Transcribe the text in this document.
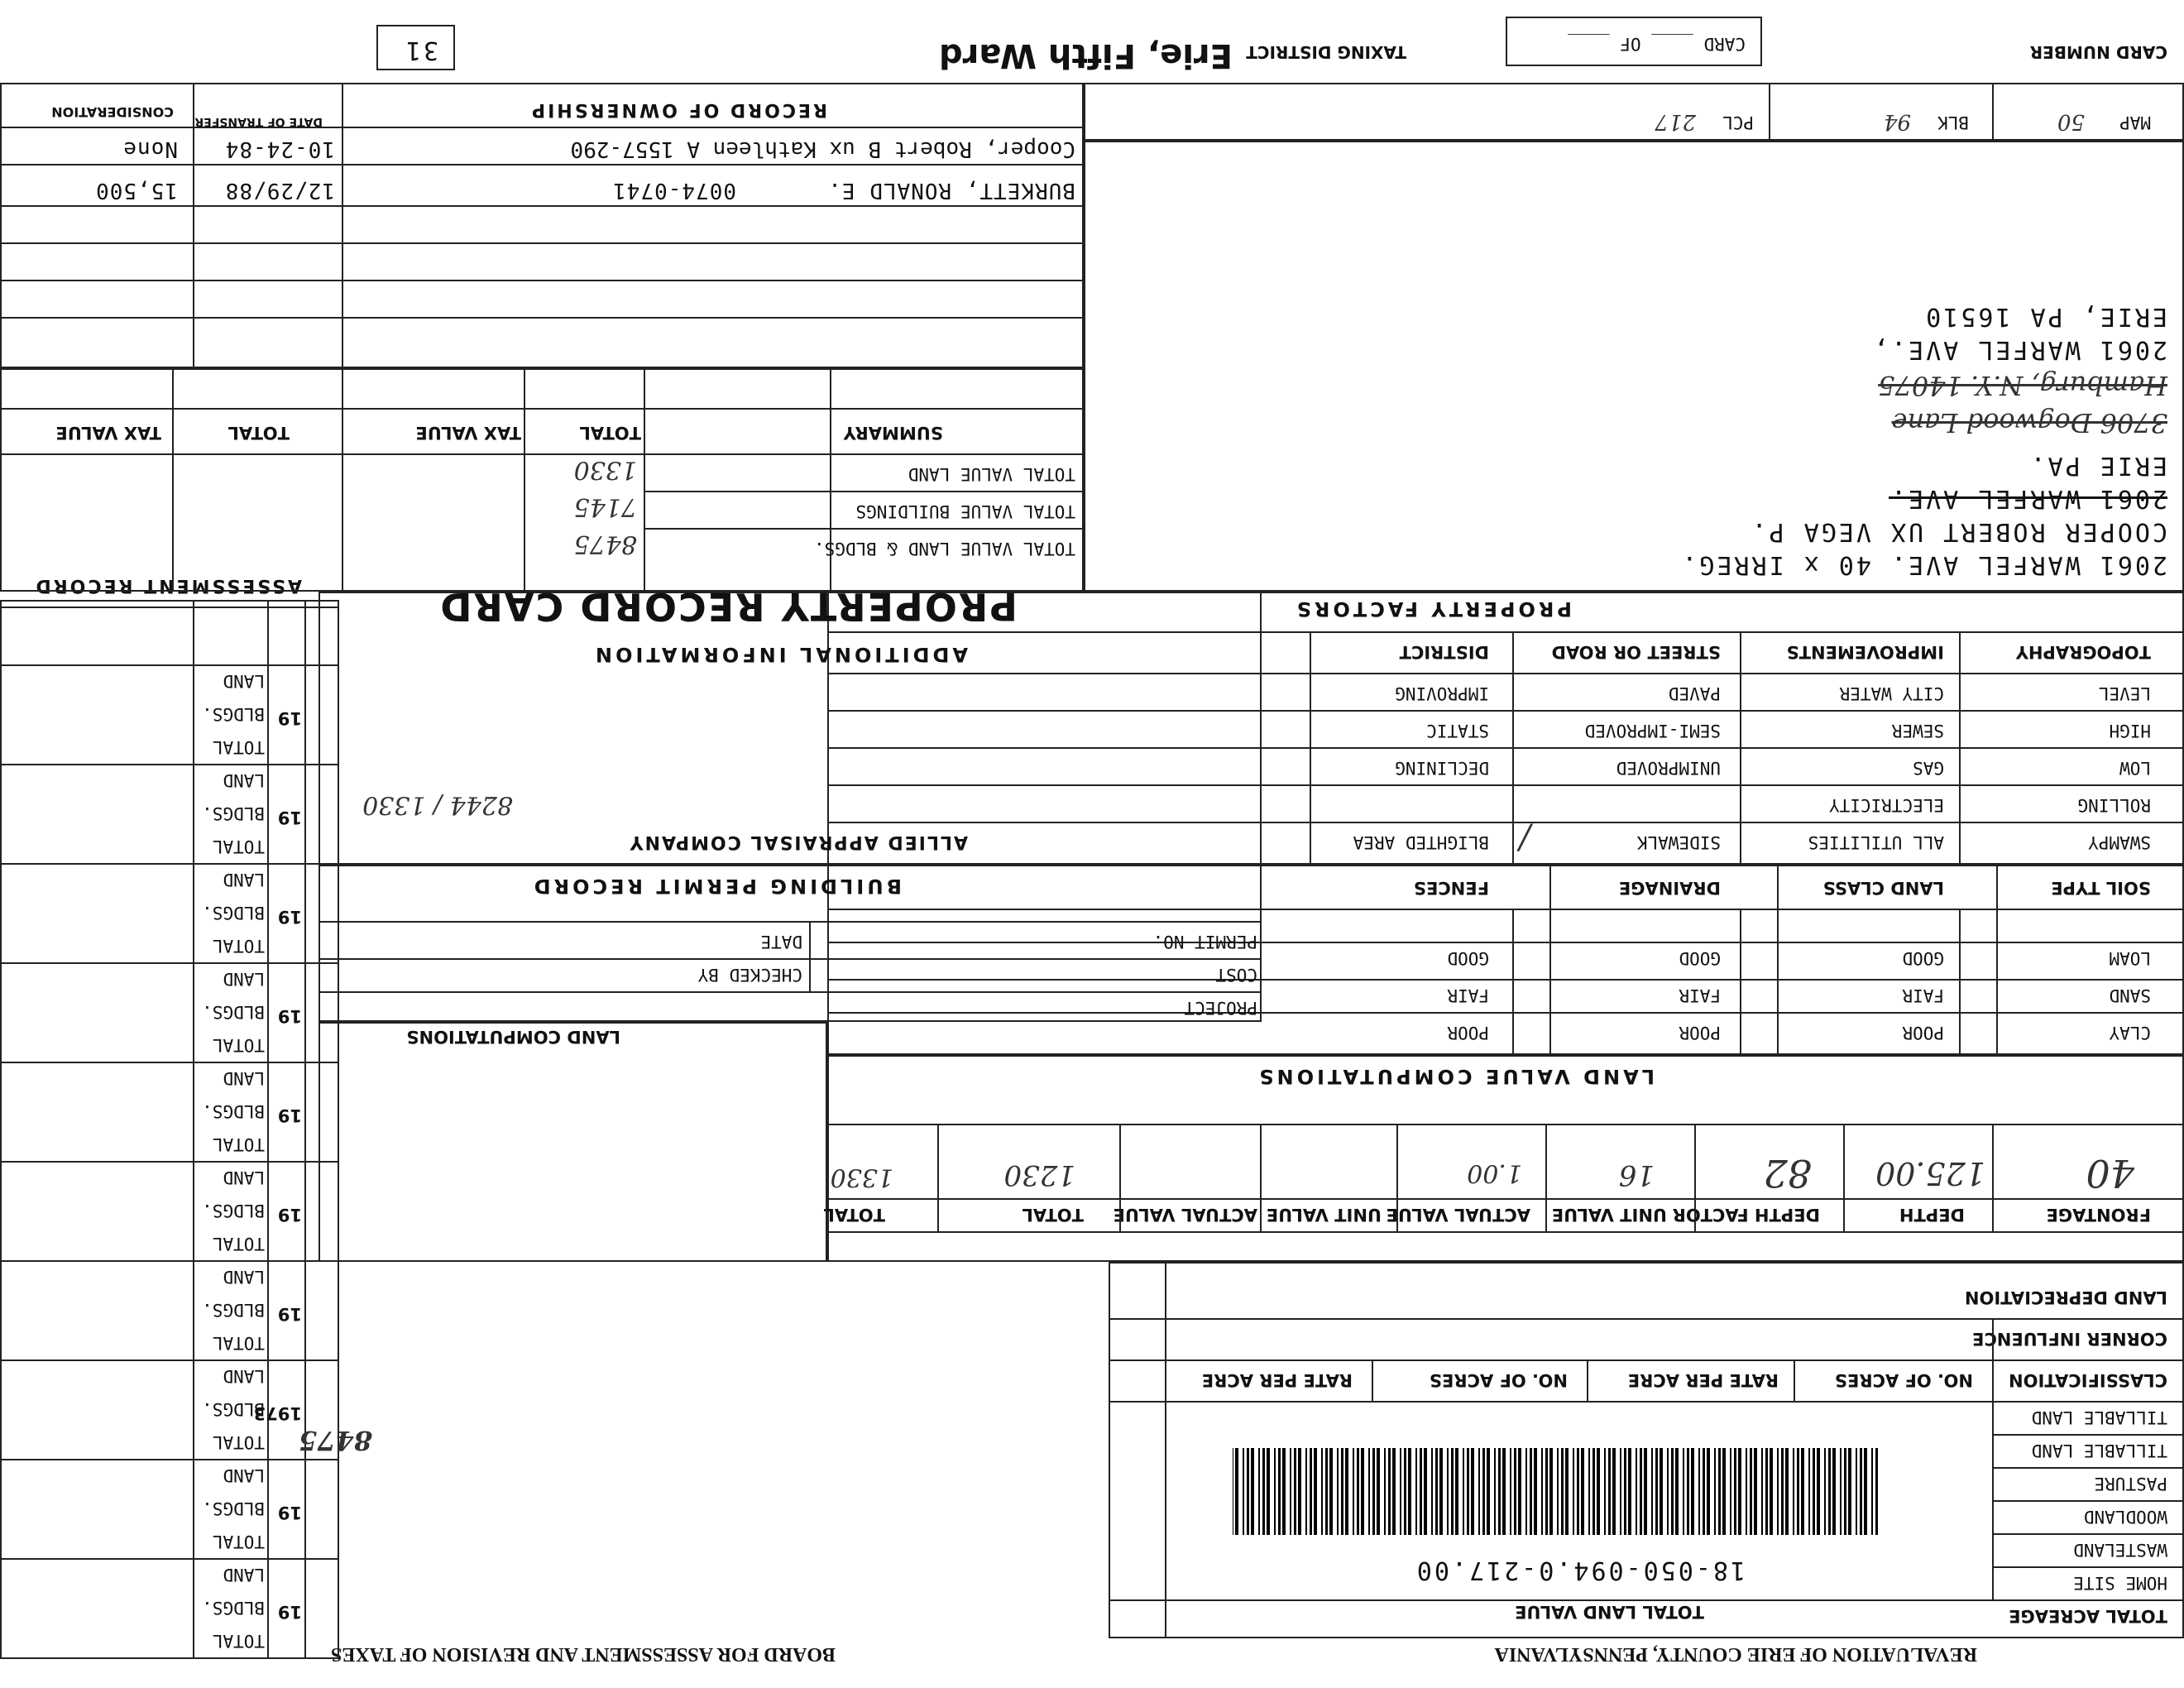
REVALUATION OF ERIE COUNTY, PENNSYLVANIA
BOARD FOR ASSESSMENT AND REVISION OF TAXES
TOTAL ACREAGE
HOME SITE
WASTELAND
WOODLAND
PASTURE
TILLABLE LAND
TILLABLE LAND
CLASSIFICATION
NO. OF ACRES
RATE PER ACRE
NO. OF ACRES
RATE PER ACRE
CORNER INFLUENCE
LAND DEPRECIATION
TOTAL LAND VALUE
18-050-094.0-217.00
FRONTAGE
DEPTH
DEPTH FACTOR
UNIT VALUE
ACTUAL VALUE
UNIT VALUE
ACTUAL VALUE
TOTAL
TOTAL
40
125.00
82
16
1.00
1230
1330
LAND VALUE COMPUTATIONS
CLAY
SAND
LOAM
POOR
FAIR
GOOD
POOR
FAIR
GOOD
POOR
FAIR
GOOD
SOIL TYPE
LAND CLASS
DRAINAGE
FENCES
SWAMPY
ROLLING
LOW
HIGH
LEVEL
ALL UTILITIES
ELECTRICITY
GAS
SEWER
CITY WATER
SIDEWALK
UNIMPROVED
SEMI-IMPROVED
PAVED
BLIGHTED AREA
DECLINING
STATIC
IMPROVING
/
TOPOGRAPHY
IMPROVEMENTS
STREET OR ROAD
DISTRICT
PROPERTY FACTORS
PROJECT
COST
PERMIT NO.
CHECKED BY
DATE
BUILDING PERMIT RECORD
LAND COMPUTATIONS
ALLIED APPRAISAL COMPANY
8244 / 1330
ADDITIONAL INFORMATION
PROPERTY RECORD CARD
ASSESSMENT RECORD
TOTAL
BLDGS.
LAND
TOTAL
BLDGS.
LAND
TOTAL
BLDGS.
LAND
TOTAL
BLDGS.
LAND
TOTAL
BLDGS.
LAND
TOTAL
BLDGS.
LAND
TOTAL
BLDGS.
LAND
TOTAL
BLDGS.
LAND
TOTAL
BLDGS.
LAND
TOTAL
BLDGS.
LAND
19
19
1973
19
19
19
19
19
19
19
8475
2061 WARFEL AVE. 40 x IRREG.
COOPER ROBERT UX VEGA P.
2061 WARFEL AVE.
ERIE PA.
3706 Dogwood Lane
Hamburg, N.Y. 14075
2061 WARFEL AVE.,
ERIE, PA 16510
TOTAL VALUE LAND & BLDGS.
TOTAL VALUE BUILDINGS
TOTAL VALUE LAND
SUMMARY
TOTAL
TAX VALUE
TOTAL
TAX VALUE
8475
7145
1330
BURKETT, RONALD E.
0074-0741
12/29/88
15,500
Cooper, Robert B ux Kathleen A 1557-290
10-24-84
None
RECORD OF OWNERSHIP
DATE OF TRANSFER
CONSIDERATION
MAP
50
BLK
94
PCL
217
CARD NUMBER
CARD ____ OF ____
TAXING DISTRICT
Erie, Fifth Ward
31
